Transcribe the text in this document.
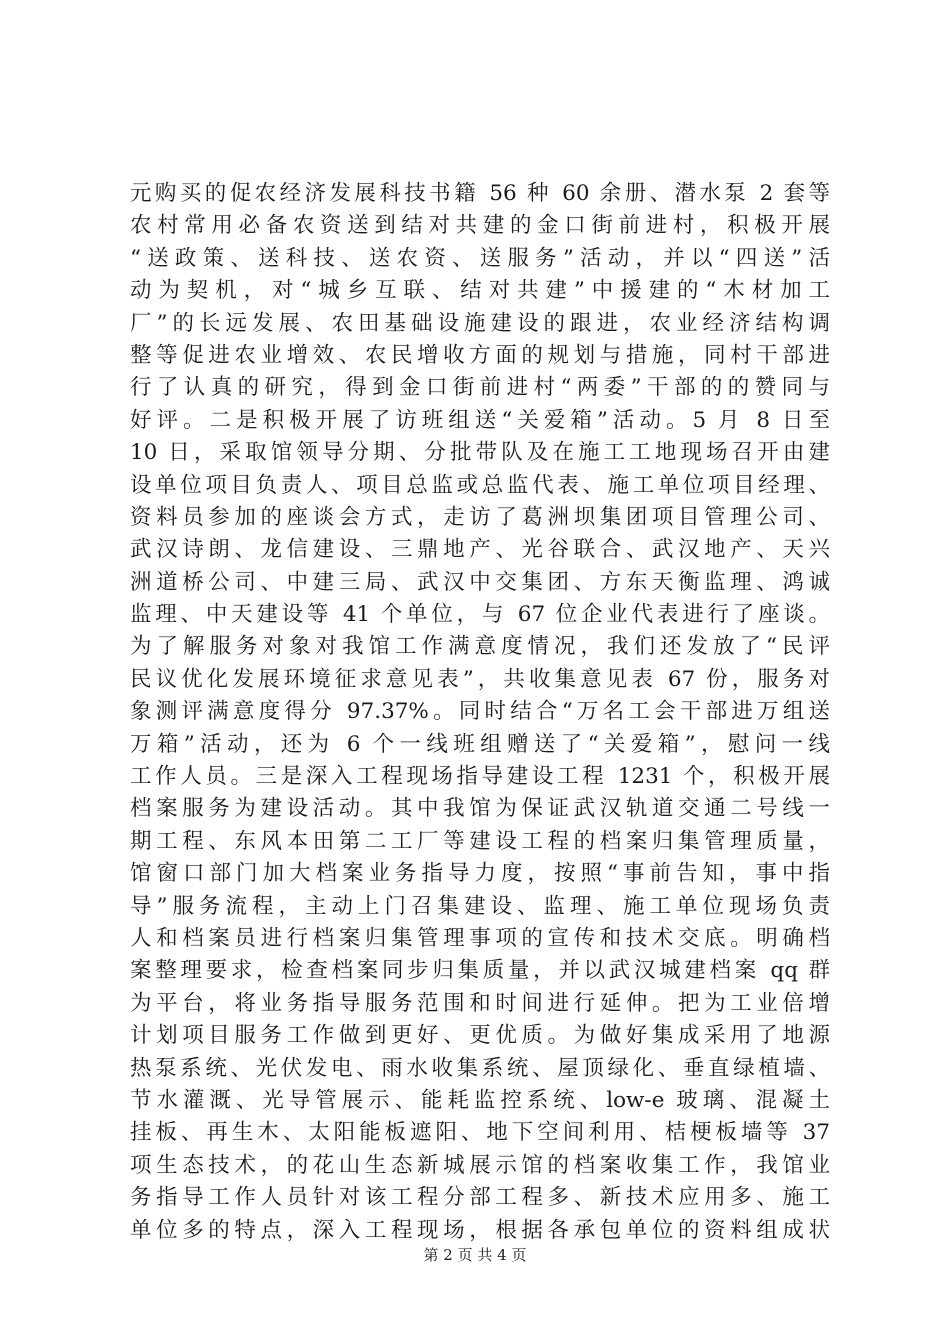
元购买的促农经济发展科技书籍 56 种 60 余册、潜水泵 2 套等
农村常用必备农资送到结对共建的金口街前进村，积极开展
“送政策、送科技、送农资、送服务”活动，并以“四送”活
动为契机，对“城乡互联、结对共建”中援建的“木材加工
厂”的长远发展、农田基础设施建设的跟进，农业经济结构调
整等促进农业增效、农民增收方面的规划与措施，同村干部进
行了认真的研究，得到金口街前进村“两委”干部的的赞同与
好评。二是积极开展了访班组送“关爱箱”活动。5 月 8 日至
10 日，采取馆领导分期、分批带队及在施工工地现场召开由建
设单位项目负责人、项目总监或总监代表、施工单位项目经理、
资料员参加的座谈会方式，走访了葛洲坝集团项目管理公司、
武汉诗朗、龙信建设、三鼎地产、光谷联合、武汉地产、天兴
洲道桥公司、中建三局、武汉中交集团、方东天衡监理、鸿诚
监理、中天建设等 41 个单位，与 67 位企业代表进行了座谈。
为了解服务对象对我馆工作满意度情况，我们还发放了“民评
民议优化发展环境征求意见表”，共收集意见表 67 份，服务对
象测评满意度得分 97.37%。同时结合“万名工会干部进万组送
万箱”活动，还为 6 个一线班组赠送了“关爱箱”，慰问一线
工作人员。三是深入工程现场指导建设工程 1231 个，积极开展
档案服务为建设活动。其中我馆为保证武汉轨道交通二号线一
期工程、东风本田第二工厂等建设工程的档案归集管理质量，
馆窗口部门加大档案业务指导力度，按照“事前告知，事中指
导”服务流程，主动上门召集建设、监理、施工单位现场负责
人和档案员进行档案归集管理事项的宣传和技术交底。明确档
案整理要求，检查档案同步归集质量，并以武汉城建档案 qq 群
为平台，将业务指导服务范围和时间进行延伸。把为工业倍增
计划项目服务工作做到更好、更优质。为做好集成采用了地源
热泵系统、光伏发电、雨水收集系统、屋顶绿化、垂直绿植墙、
节水灌溉、光导管展示、能耗监控系统、low-e 玻璃、混凝土
挂板、再生木、太阳能板遮阳、地下空间利用、桔梗板墙等 37
项生态技术，的花山生态新城展示馆的档案收集工作，我馆业
务指导工作人员针对该工程分部工程多、新技术应用多、施工
单位多的特点，深入工程现场，根据各承包单位的资料组成状
第 2 页 共 4 页
